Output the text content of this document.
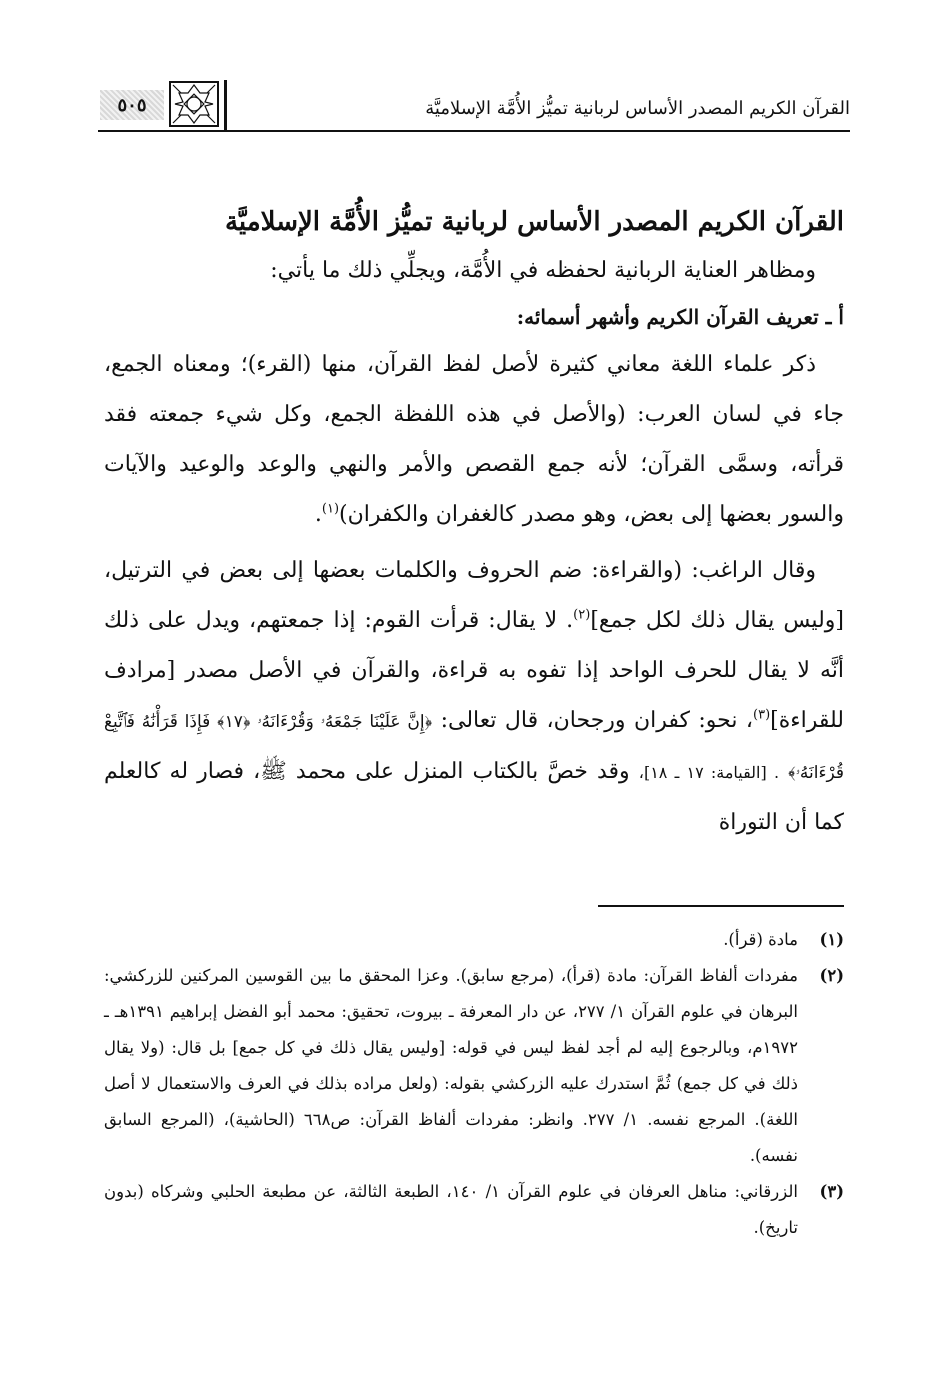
القرآن الكريم المصدر الأساس لربانية تميُّز الأُمَّة الإسلاميَّة
٥٠٥
القرآن الكريم المصدر الأساس لربانية تميُّز الأُمَّة الإسلاميَّة

ومظاهر العناية الربانية لحفظه في الأُمَّة، ويجلِّي ذلك ما يأتي:

أ ـ تعريف القرآن الكريم وأشهر أسمائه:

ذكر علماء اللغة معاني كثيرة لأصل لفظ القرآن، منها (القرء)؛ ومعناه الجمع، جاء في لسان العرب: (والأصل في هذه اللفظة الجمع، وكل شيء جمعته فقد قرأته، وسمَّى القرآن؛ لأنه جمع القصص والأمر والنهي والوعد والوعيد والآيات والسور بعضها إلى بعض، وهو مصدر كالغفران والكفران)$^{(١)}$.

وقال الراغب: (والقراءة: ضم الحروف والكلمات بعضها إلى بعض في الترتيل، [وليس يقال ذلك لكل جمع]$^{(٢)}$. لا يقال: قرأت القوم: إذا جمعتهم، ويدل على ذلك أنَّه لا يقال للحرف الواحد إذا تفوه به قراءة، والقرآن في الأصل مصدر [مرادف للقراءة]$^{(٣)}$، نحو: كفران ورجحان، قال تعالى: ﴿إِنَّ عَلَيْنَا جَمْعَهُۥ وَقُرْءَانَهُۥ ﴿١٧﴾ فَإِذَا قَرَأْنَٰهُ فَٱتَّبِعْ قُرْءَانَهُۥ﴾ . [القيامة: ١٧ ـ ١٨]، وقد خصَّ بالكتاب المنزل على محمد ﷺ، فصار له كالعلم كما أن التوراة

(١)
مادة (قرأ).
(٢)
مفردات ألفاظ القرآن: مادة (قرأ)، (مرجع سابق). وعزا المحقق ما بين القوسين المركنين للزركشي: البرهان في علوم القرآن ١/ ٢٧٧، عن دار المعرفة ـ بيروت، تحقيق: محمد أبو الفضل إبراهيم ١٣٩١هـ ـ ١٩٧٢م، وبالرجوع إليه لم أجد لفظ ليس في قوله: [وليس يقال ذلك في كل جمع] بل قال: (ولا يقال ذلك في كل جمع) ثُمَّ استدرك عليه الزركشي بقوله: (ولعل مراده بذلك في العرف والاستعمال لا أصل اللغة). المرجع نفسه. ١/ ٢٧٧. وانظر: مفردات ألفاظ القرآن: ص٦٦٨ (الحاشية)، (المرجع السابق نفسه).
(٣)
الزرقاني: مناهل العرفان في علوم القرآن ١/ ١٤٠، الطبعة الثالثة، عن مطبعة الحلبي وشركاه (بدون تاريخ).
